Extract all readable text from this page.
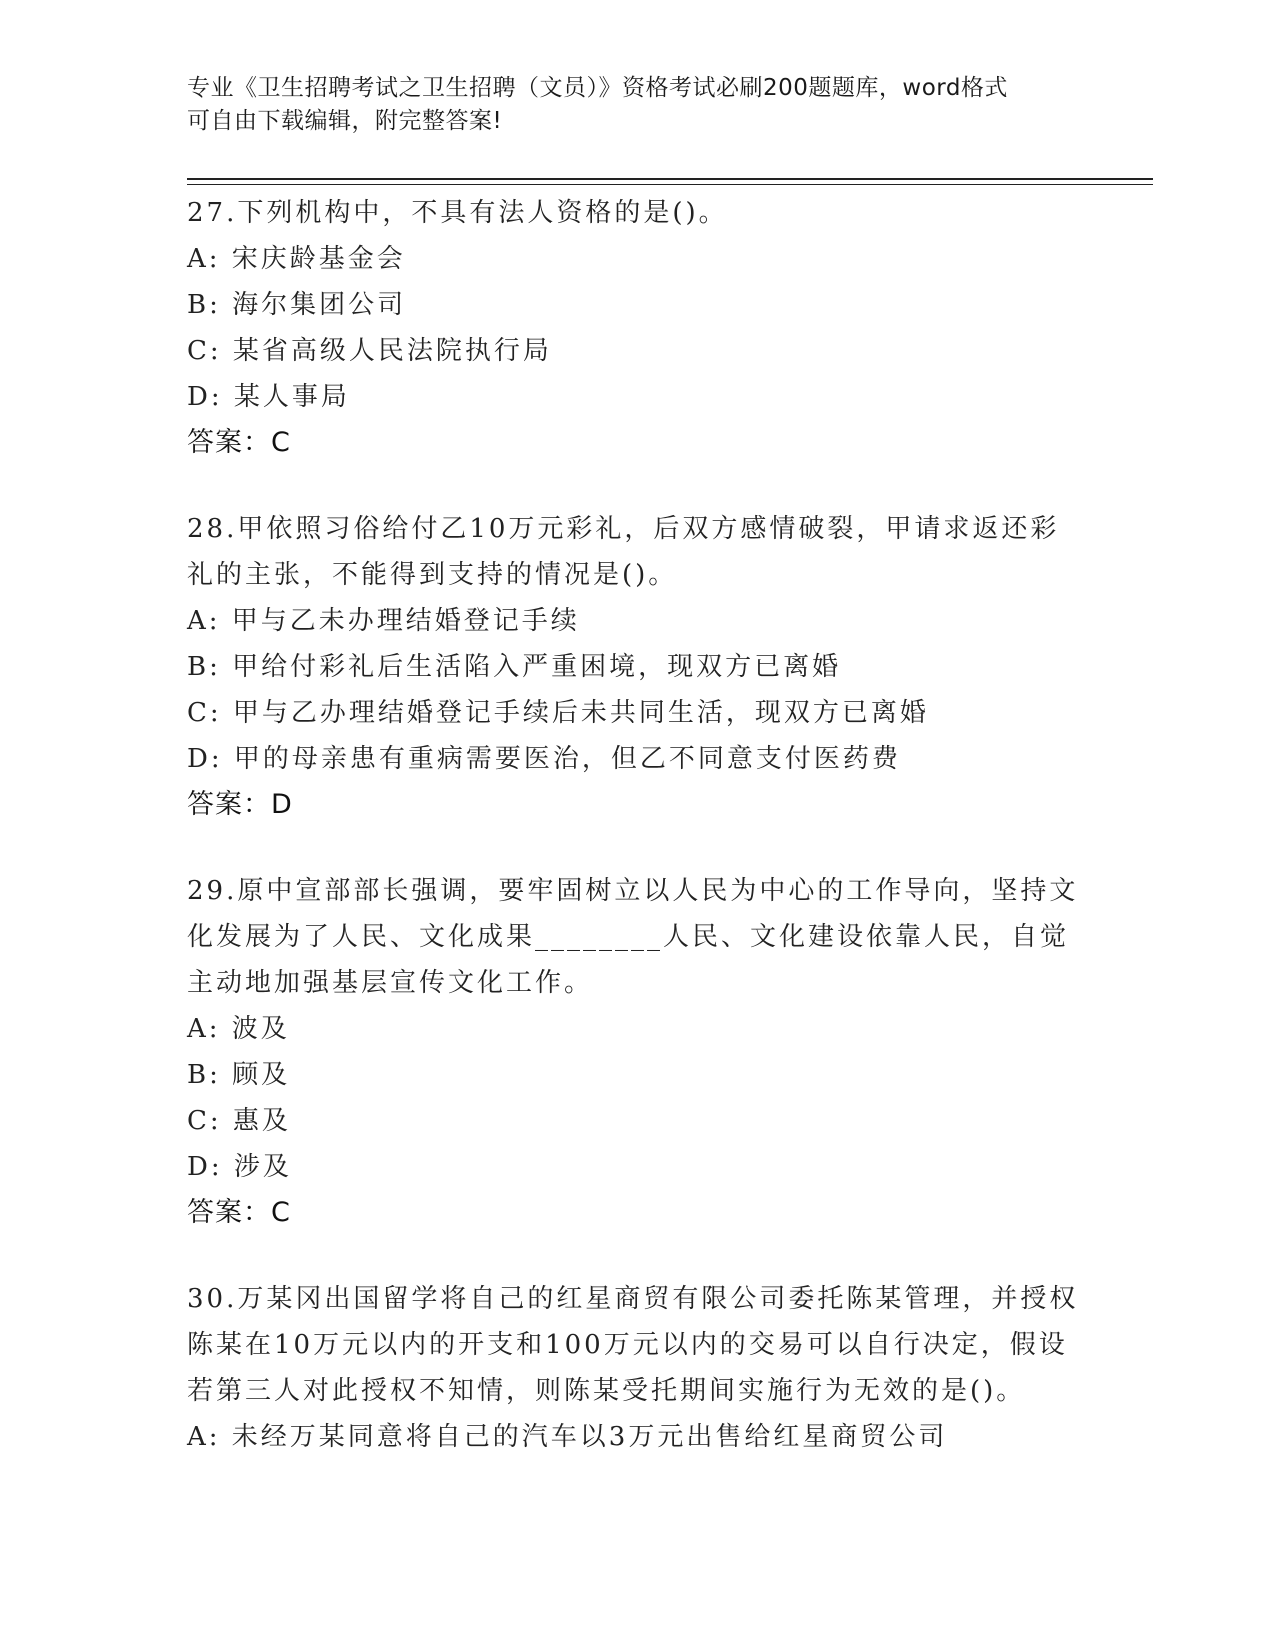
专业《卫生招聘考试之卫生招聘（文员）》资格考试必刷200题题库，word格式
可自由下载编辑，附完整答案!
27.下列机构中，不具有法人资格的是()。
A: 宋庆龄基金会
B: 海尔集团公司
C: 某省高级人民法院执行局
D: 某人事局
答案：C
28.甲依照习俗给付乙10万元彩礼，后双方感情破裂，甲请求返还彩
礼的主张，不能得到支持的情况是()。
A: 甲与乙未办理结婚登记手续
B: 甲给付彩礼后生活陷入严重困境，现双方已离婚
C: 甲与乙办理结婚登记手续后未共同生活，现双方已离婚
D: 甲的母亲患有重病需要医治，但乙不同意支付医药费
答案：D
29.原中宣部部长强调，要牢固树立以人民为中心的工作导向，坚持文
化发展为了人民、文化成果________人民、文化建设依靠人民，自觉
主动地加强基层宣传文化工作。
A: 波及
B: 顾及
C: 惠及
D: 涉及
答案：C
30.万某冈出国留学将自己的红星商贸有限公司委托陈某管理，并授权
陈某在10万元以内的开支和100万元以内的交易可以自行决定，假设
若第三人对此授权不知情，则陈某受托期间实施行为无效的是()。
A: 未经万某同意将自己的汽车以3万元出售给红星商贸公司
